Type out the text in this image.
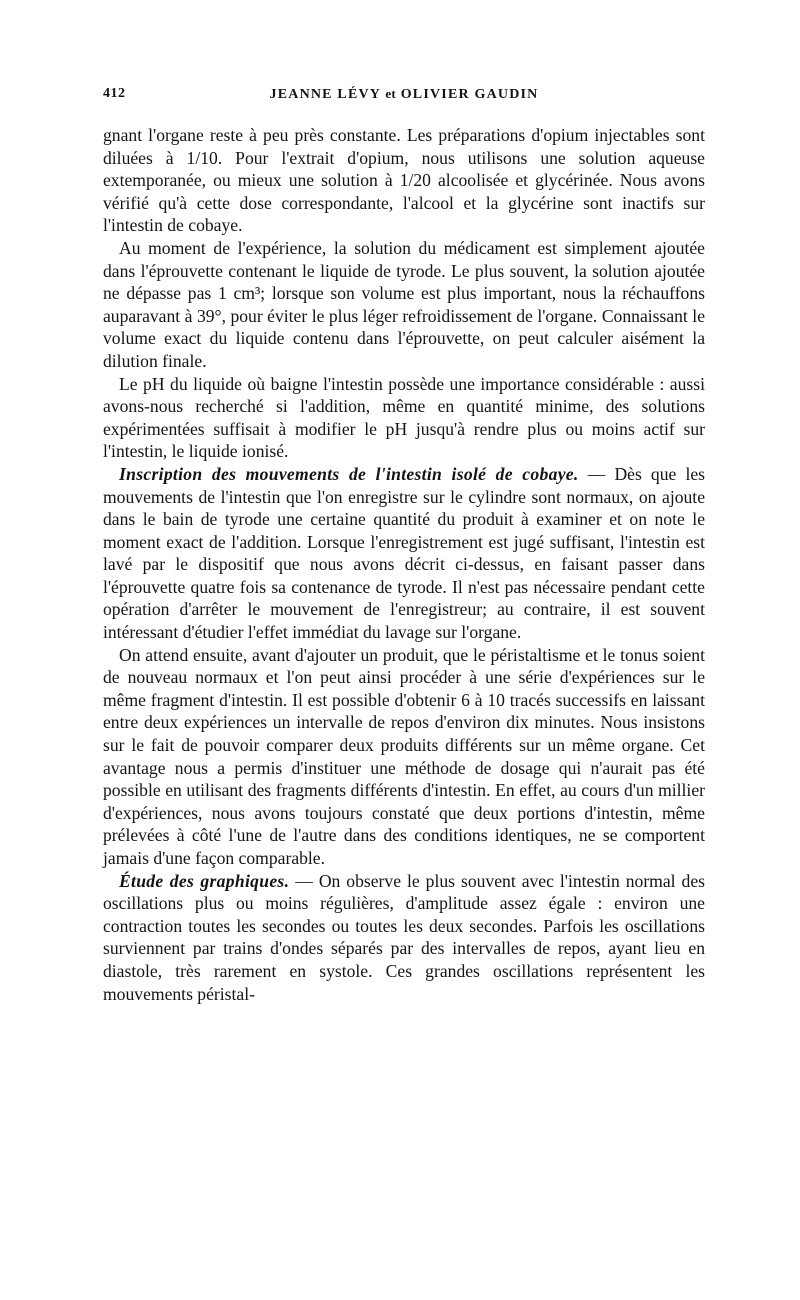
412	JEANNE LÉVY et OLIVIER GAUDIN

gnant l'organe reste à peu près constante. Les préparations d'opium injectables sont diluées à 1/10. Pour l'extrait d'opium, nous utilisons une solution aqueuse extemporanée, ou mieux une solution à 1/20 alcoolisée et glycérinée. Nous avons vérifié qu'à cette dose correspondante, l'alcool et la glycérine sont inactifs sur l'intestin de cobaye.

Au moment de l'expérience, la solution du médicament est simplement ajoutée dans l'éprouvette contenant le liquide de tyrode. Le plus souvent, la solution ajoutée ne dépasse pas 1 cm³; lorsque son volume est plus important, nous la réchauffons auparavant à 39°, pour éviter le plus léger refroidissement de l'organe. Connaissant le volume exact du liquide contenu dans l'éprouvette, on peut calculer aisément la dilution finale.

Le pH du liquide où baigne l'intestin possède une importance considérable : aussi avons-nous recherché si l'addition, même en quantité minime, des solutions expérimentées suffisait à modifier le pH jusqu'à rendre plus ou moins actif sur l'intestin, le liquide ionisé.

Inscription des mouvements de l'intestin isolé de cobaye. — Dès que les mouvements de l'intestin que l'on enregistre sur le cylindre sont normaux, on ajoute dans le bain de tyrode une certaine quantité du produit à examiner et on note le moment exact de l'addition. Lorsque l'enregistrement est jugé suffisant, l'intestin est lavé par le dispositif que nous avons décrit ci-dessus, en faisant passer dans l'éprouvette quatre fois sa contenance de tyrode. Il n'est pas nécessaire pendant cette opération d'arrêter le mouvement de l'enregistreur; au contraire, il est souvent intéressant d'étudier l'effet immédiat du lavage sur l'organe.

On attend ensuite, avant d'ajouter un produit, que le péristaltisme et le tonus soient de nouveau normaux et l'on peut ainsi procéder à une série d'expériences sur le même fragment d'intestin. Il est possible d'obtenir 6 à 10 tracés successifs en laissant entre deux expériences un intervalle de repos d'environ dix minutes. Nous insistons sur le fait de pouvoir comparer deux produits différents sur un même organe. Cet avantage nous a permis d'instituer une méthode de dosage qui n'aurait pas été possible en utilisant des fragments différents d'intestin. En effet, au cours d'un millier d'expériences, nous avons toujours constaté que deux portions d'intestin, même prélevées à côté l'une de l'autre dans des conditions identiques, ne se comportent jamais d'une façon comparable.

Étude des graphiques. — On observe le plus souvent avec l'intestin normal des oscillations plus ou moins régulières, d'amplitude assez égale : environ une contraction toutes les secondes ou toutes les deux secondes. Parfois les oscillations surviennent par trains d'ondes séparés par des intervalles de repos, ayant lieu en diastole, très rarement en systole. Ces grandes oscillations représentent les mouvements péristal-
